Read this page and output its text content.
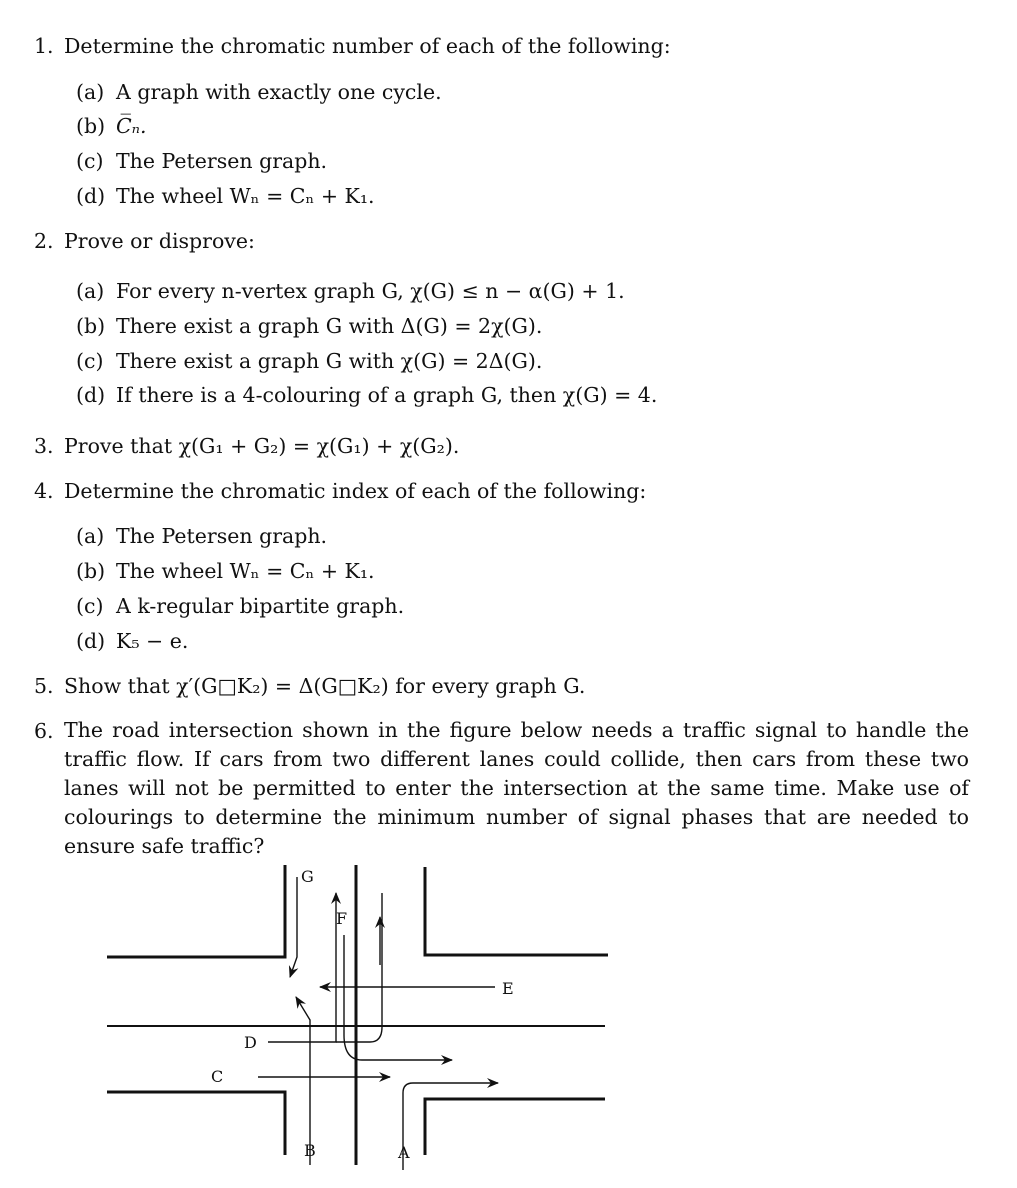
1. Determine the chromatic number of each of the following:
(a) A graph with exactly one cycle.
(b) C̅ₙ.
(c) The Petersen graph.
(d) The wheel Wₙ = Cₙ + K₁.
2. Prove or disprove:
(a) For every n-vertex graph G, χ(G) ≤ n − α(G) + 1.
(b) There exist a graph G with Δ(G) = 2χ(G).
(c) There exist a graph G with χ(G) = 2Δ(G).
(d) If there is a 4-colouring of a graph G, then χ(G) = 4.
3. Prove that χ(G₁ + G₂) = χ(G₁) + χ(G₂).
4. Determine the chromatic index of each of the following:
(a) The Petersen graph.
(b) The wheel Wₙ = Cₙ + K₁.
(c) A k-regular bipartite graph.
(d) K₅ − e.
5. Show that χ′(G□K₂) = Δ(G□K₂) for every graph G.
6. The road intersection shown in the figure below needs a traffic signal to handle the traffic flow. If cars from two different lanes could collide, then cars from these two lanes will not be permitted to enter the intersection at the same time. Make use of colourings to determine the minimum number of signal phases that are needed to ensure safe traffic?
G
F
E
D
C
B	A
